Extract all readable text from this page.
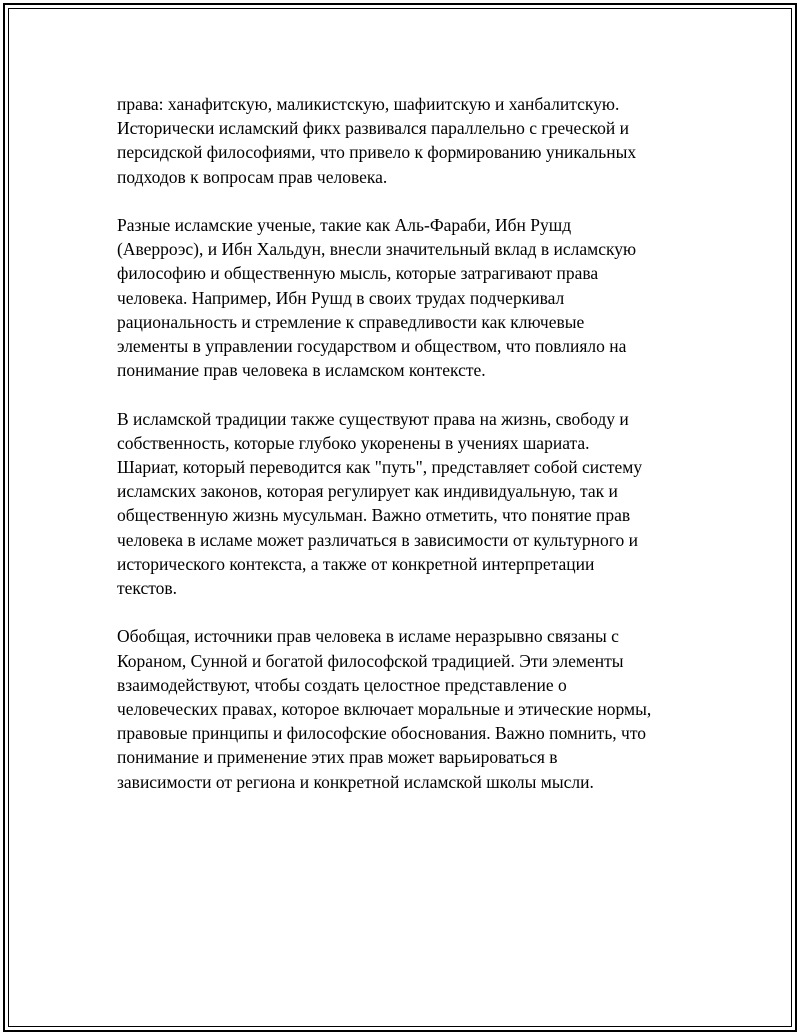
права: ханафитскую, маликистскую, шафиитскую и ханбалитскую.
Исторически исламский фикх развивался параллельно с греческой и
персидской философиями, что привело к формированию уникальных
подходов к вопросам прав человека.

Разные исламские ученые, такие как Аль-Фараби, Ибн Рушд
(Аверроэс), и Ибн Хальдун, внесли значительный вклад в исламскую
философию и общественную мысль, которые затрагивают права
человека. Например, Ибн Рушд в своих трудах подчеркивал
рациональность и стремление к справедливости как ключевые
элементы в управлении государством и обществом, что повлияло на
понимание прав человека в исламском контексте.

В исламской традиции также существуют права на жизнь, свободу и
собственность, которые глубоко укоренены в учениях шариата.
Шариат, который переводится как "путь", представляет собой систему
исламских законов, которая регулирует как индивидуальную, так и
общественную жизнь мусульман. Важно отметить, что понятие прав
человека в исламе может различаться в зависимости от культурного и
исторического контекста, а также от конкретной интерпретации
текстов.

Обобщая, источники прав человека в исламе неразрывно связаны с
Кораном, Сунной и богатой философской традицией. Эти элементы
взаимодействуют, чтобы создать целостное представление о
человеческих правах, которое включает моральные и этические нормы,
правовые принципы и философские обоснования. Важно помнить, что
понимание и применение этих прав может варьироваться в
зависимости от региона и конкретной исламской школы мысли.
